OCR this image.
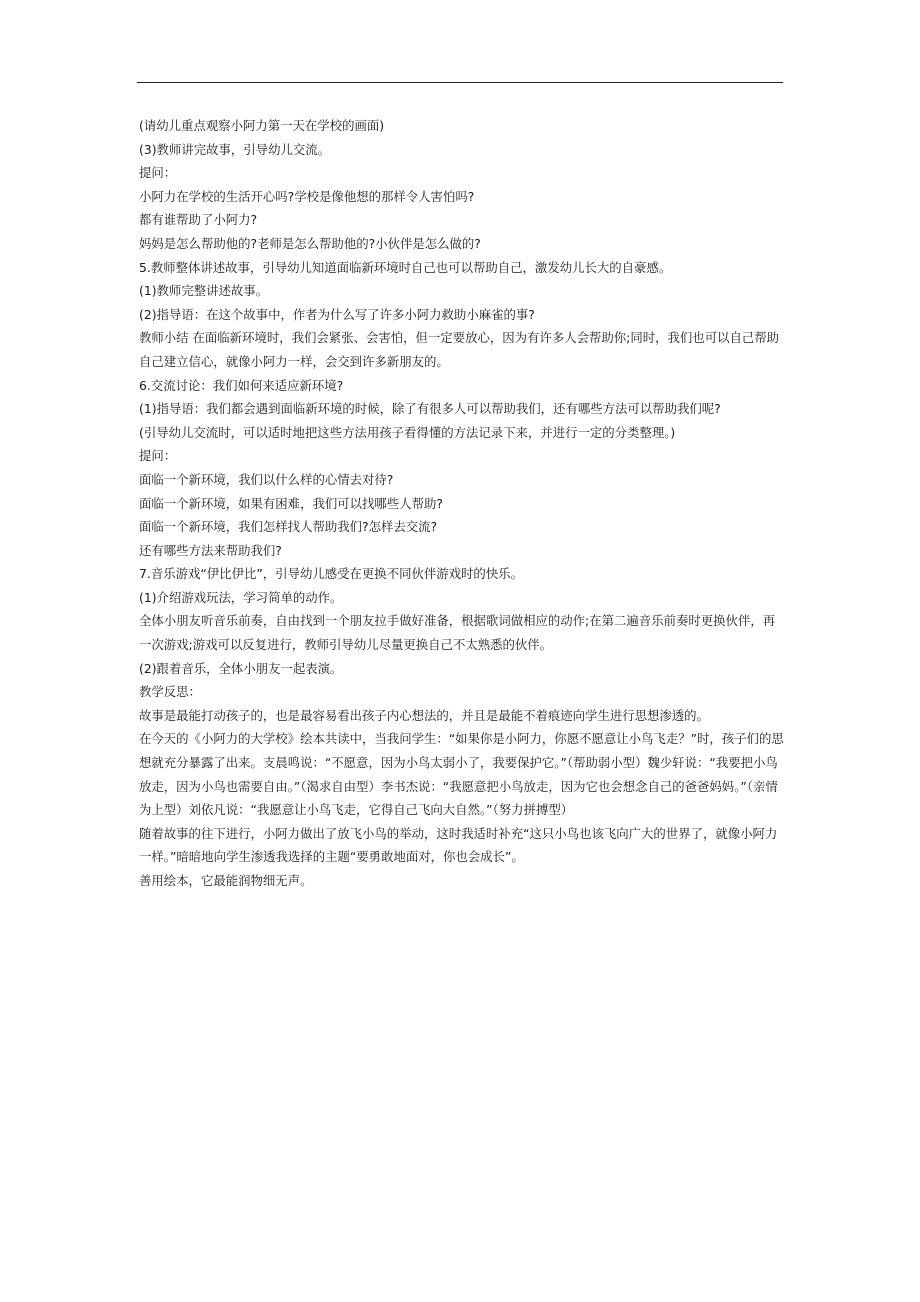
(请幼儿重点观察小阿力第一天在学校的画面)

(3)教师讲完故事，引导幼儿交流。

提问：

小阿力在学校的生活开心吗?学校是像他想的那样令人害怕吗?

都有谁帮助了小阿力?

妈妈是怎么帮助他的?老师是怎么帮助他的?小伙伴是怎么做的?

5.教师整体讲述故事，引导幼儿知道面临新环境时自己也可以帮助自己，激发幼儿长大的自豪感。

(1)教师完整讲述故事。

(2)指导语：在这个故事中，作者为什么写了许多小阿力救助小麻雀的事?

教师小结 在面临新环境时，我们会紧张、会害怕，但一定要放心，因为有许多人会帮助你;同时，我们也可以自己帮助自己建立信心，就像小阿力一样，会交到许多新朋友的。

6.交流讨论：我们如何来适应新环境?

(1)指导语：我们都会遇到面临新环境的时候，除了有很多人可以帮助我们，还有哪些方法可以帮助我们呢?

(引导幼儿交流时，可以适时地把这些方法用孩子看得懂的方法记录下来，并进行一定的分类整理。)

提问：

面临一个新环境，我们以什么样的心情去对待?

面临一个新环境，如果有困难，我们可以找哪些人帮助?

面临一个新环境，我们怎样找人帮助我们?怎样去交流?

还有哪些方法来帮助我们?

7.音乐游戏“伊比伊比”，引导幼儿感受在更换不同伙伴游戏时的快乐。

(1)介绍游戏玩法，学习简单的动作。

全体小朋友听音乐前奏，自由找到一个朋友拉手做好准备，根据歌词做相应的动作;在第二遍音乐前奏时更换伙伴，再一次游戏;游戏可以反复进行，教师引导幼儿尽量更换自己不太熟悉的伙伴。

(2)跟着音乐，全体小朋友一起表演。

教学反思：

故事是最能打动孩子的，也是最容易看出孩子内心想法的，并且是最能不着痕迹向学生进行思想渗透的。

在今天的《小阿力的大学校》绘本共读中，当我问学生：“如果你是小阿力，你愿不愿意让小鸟飞走？”时，孩子们的思想就充分暴露了出来。支晨鸣说：“不愿意，因为小鸟太弱小了，我要保护它。”（帮助弱小型）魏少轩说：“我要把小鸟放走，因为小鸟也需要自由。”（渴求自由型）李书杰说：“我愿意把小鸟放走，因为它也会想念自己的爸爸妈妈。”（亲情为上型）刘依凡说：“我愿意让小鸟飞走，它得自己飞向大自然。”（努力拼搏型）

随着故事的往下进行，小阿力做出了放飞小鸟的举动，这时我适时补充“这只小鸟也该飞向广大的世界了，就像小阿力一样。”暗暗地向学生渗透我选择的主题“要勇敢地面对，你也会成长”。

善用绘本，它最能润物细无声。
